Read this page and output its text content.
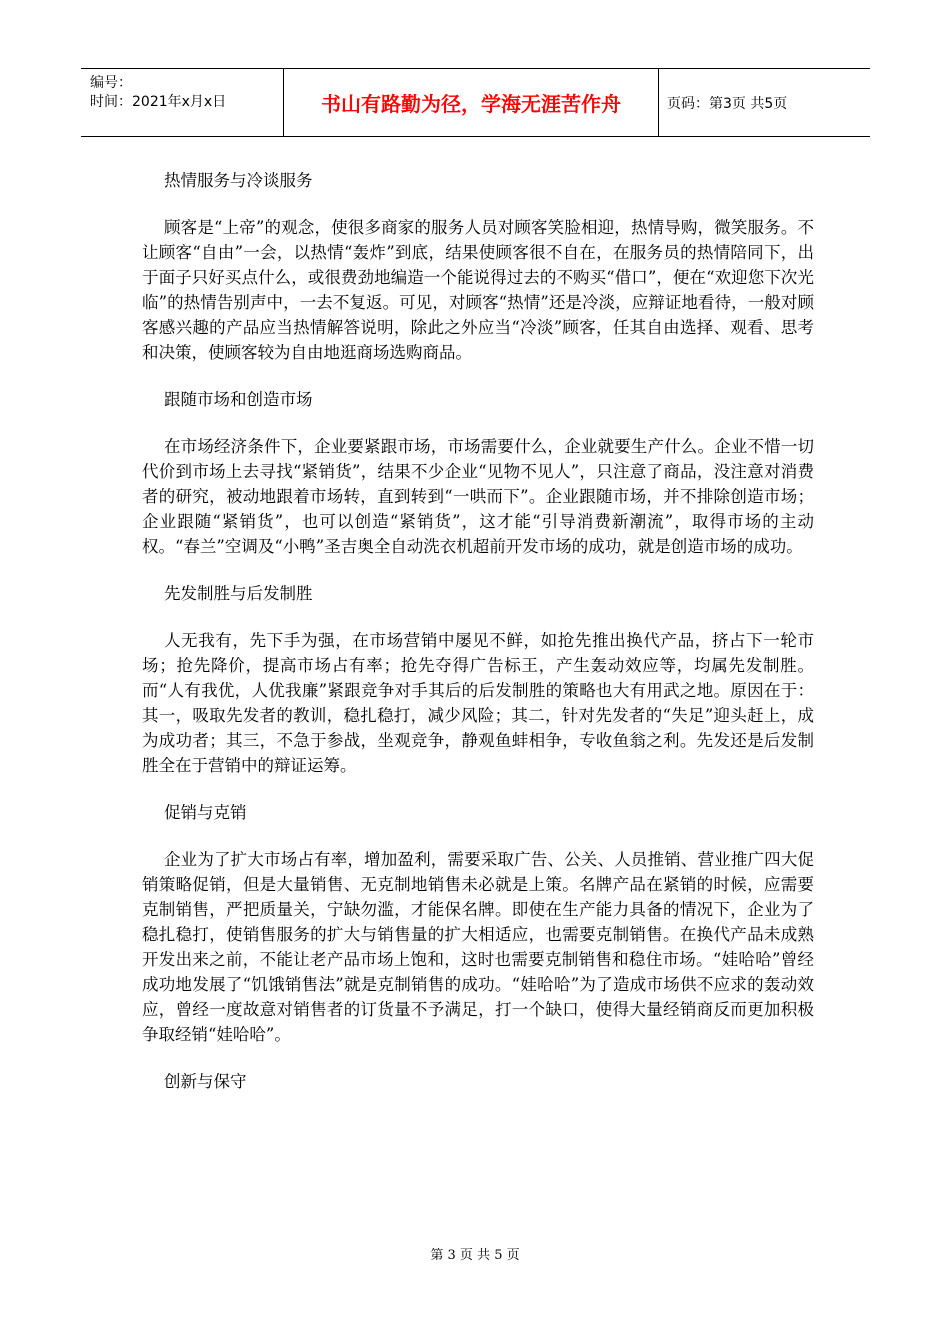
编号：
时间：2021年x月x日	书山有路勤为径，学海无涯苦作舟	页码：第3页 共5页
热情服务与冷谈服务
顾客是“上帝”的观念，使很多商家的服务人员对顾客笑脸相迎，热情导购，微笑服务。不让顾客“自由”一会，以热情“轰炸”到底，结果使顾客很不自在，在服务员的热情陪同下，出于面子只好买点什么，或很费劲地编造一个能说得过去的不购买“借口”，便在“欢迎您下次光临”的热情告别声中，一去不复返。可见，对顾客“热情”还是冷淡，应辩证地看待，一般对顾客感兴趣的产品应当热情解答说明，除此之外应当“冷淡”顾客，任其自由选择、观看、思考和决策，使顾客较为自由地逛商场选购商品。
跟随市场和创造市场
在市场经济条件下，企业要紧跟市场，市场需要什么，企业就要生产什么。企业不惜一切代价到市场上去寻找“紧销货”，结果不少企业“见物不见人”，只注意了商品，没注意对消费者的研究，被动地跟着市场转，直到转到“一哄而下”。企业跟随市场，并不排除创造市场；企业跟随“紧销货”，也可以创造“紧销货”，这才能“引导消费新潮流”，取得市场的主动权。“春兰”空调及“小鸭”圣吉奥全自动洗衣机超前开发市场的成功，就是创造市场的成功。
先发制胜与后发制胜
人无我有，先下手为强，在市场营销中屡见不鲜，如抢先推出换代产品，挤占下一轮市场；抢先降价，提高市场占有率；抢先夺得广告标王，产生轰动效应等，均属先发制胜。而“人有我优，人优我廉”紧跟竞争对手其后的后发制胜的策略也大有用武之地。原因在于：其一，吸取先发者的教训，稳扎稳打，减少风险；其二，针对先发者的“失足”迎头赶上，成为成功者；其三，不急于参战，坐观竞争，静观鱼蚌相争，专收鱼翁之利。先发还是后发制胜全在于营销中的辩证运筹。
促销与克销
企业为了扩大市场占有率，增加盈利，需要采取广告、公关、人员推销、营业推广四大促销策略促销，但是大量销售、无克制地销售未必就是上策。名牌产品在紧销的时候，应需要克制销售，严把质量关，宁缺勿滥，才能保名牌。即使在生产能力具备的情况下，企业为了稳扎稳打，使销售服务的扩大与销售量的扩大相适应，也需要克制销售。在换代产品未成熟开发出来之前，不能让老产品市场上饱和，这时也需要克制销售和稳住市场。“娃哈哈”曾经成功地发展了“饥饿销售法”就是克制销售的成功。“娃哈哈”为了造成市场供不应求的轰动效应，曾经一度故意对销售者的订货量不予满足，打一个缺口，使得大量经销商反而更加积极争取经销“娃哈哈”。
创新与保守
第 3 页 共 5 页
